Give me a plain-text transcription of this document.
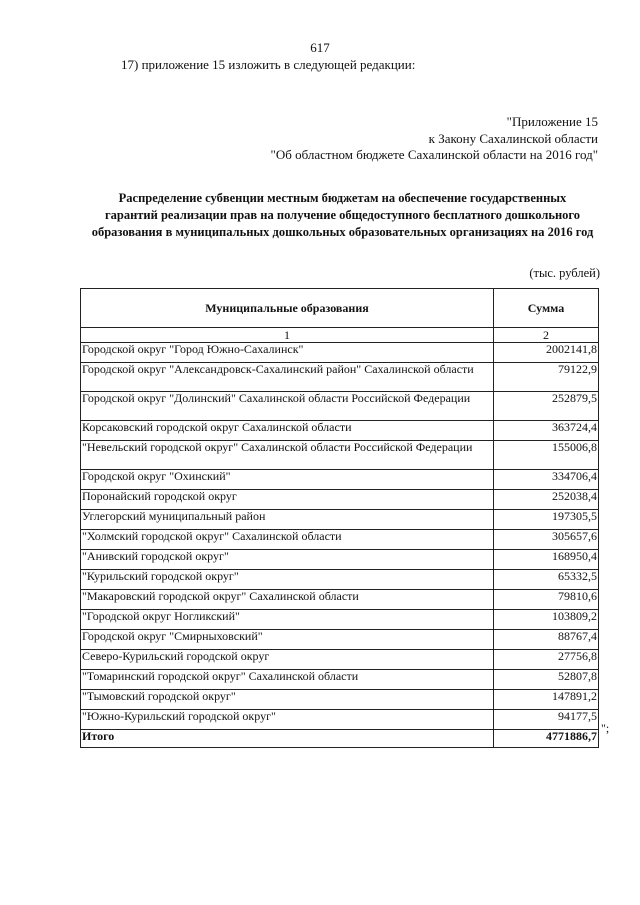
617
17) приложение 15 изложить в следующей редакции:
"Приложение 15
к Закону Сахалинской области
"Об областном бюджете Сахалинской области на 2016 год"
Распределение субвенции местным бюджетам на обеспечение государственных
гарантий реализации прав на получение общедоступного бесплатного дошкольного
образования в муниципальных дошкольных образовательных организациях на 2016 год
(тыс. рублей)
Муниципальные образования	Сумма
1	2
Городской округ "Город Южно-Сахалинск"	2002141,8
Городской округ "Александровск-Сахалинский район" Сахалинской области	79122,9
Городской округ "Долинский" Сахалинской области Российской Федерации	252879,5
Корсаковский городской округ Сахалинской области	363724,4
"Невельский городской округ" Сахалинской области Российской Федерации	155006,8
Городской округ "Охинский"	334706,4
Поронайский городской округ	252038,4
Углегорский муниципальный район	197305,5
"Холмский городской округ" Сахалинской области	305657,6
"Анивский городской округ"	168950,4
"Курильский городской округ"	65332,5
"Макаровский городской округ" Сахалинской области	79810,6
"Городской округ Ногликский"	103809,2
Городской округ "Смирныховский"	88767,4
Северо-Курильский городской округ	27756,8
"Томаринский городской округ" Сахалинской области	52807,8
"Тымовский городской округ"	147891,2
"Южно-Курильский городской округ"	94177,5
Итого	4771886,7
";
